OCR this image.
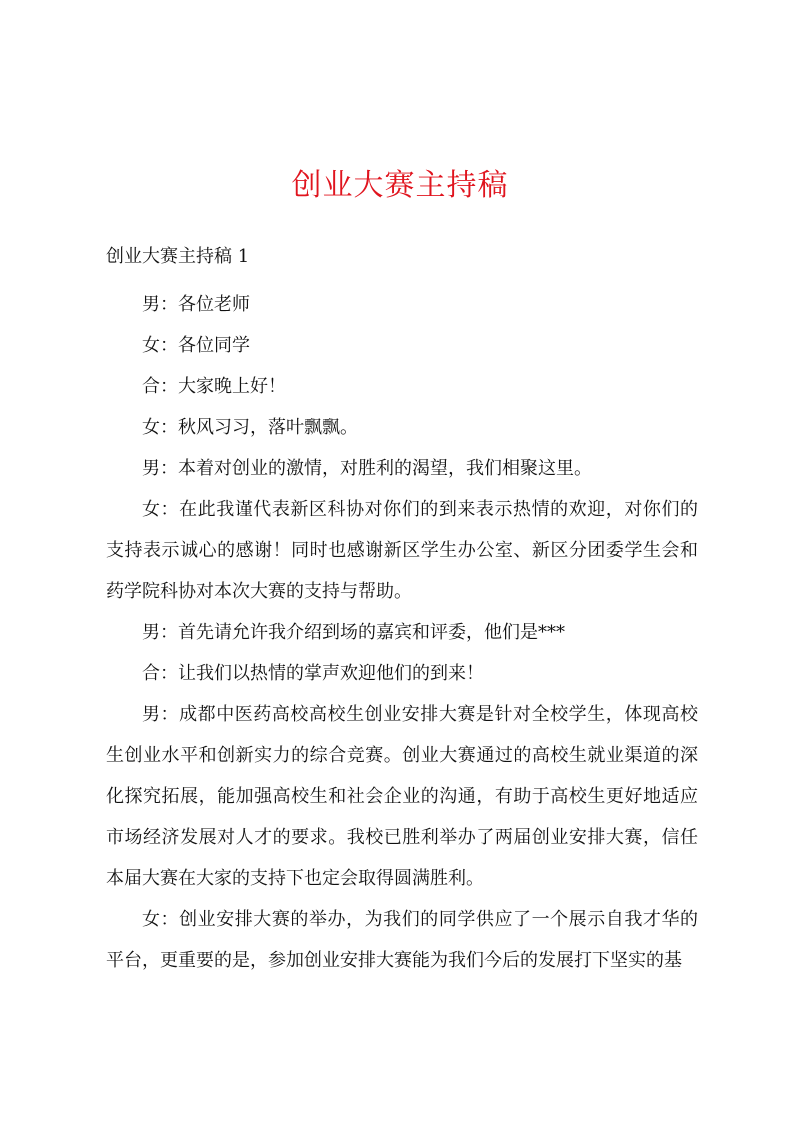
创业大赛主持稿
创业大赛主持稿 1

男：各位老师

女：各位同学

合：大家晚上好！

女：秋风习习，落叶飘飘。

男：本着对创业的激情，对胜利的渴望，我们相聚这里。

女：在此我谨代表新区科协对你们的到来表示热情的欢迎，对你们的支持表示诚心的感谢！同时也感谢新区学生办公室、新区分团委学生会和药学院科协对本次大赛的支持与帮助。

男：首先请允许我介绍到场的嘉宾和评委，他们是***

合：让我们以热情的掌声欢迎他们的到来！

男：成都中医药高校高校生创业安排大赛是针对全校学生，体现高校生创业水平和创新实力的综合竞赛。创业大赛通过的高校生就业渠道的深化探究拓展，能加强高校生和社会企业的沟通，有助于高校生更好地适应市场经济发展对人才的要求。我校已胜利举办了两届创业安排大赛，信任本届大赛在大家的支持下也定会取得圆满胜利。

女：创业安排大赛的举办，为我们的同学供应了一个展示自我才华的平台，更重要的是，参加创业安排大赛能为我们今后的发展打下坚实的基
